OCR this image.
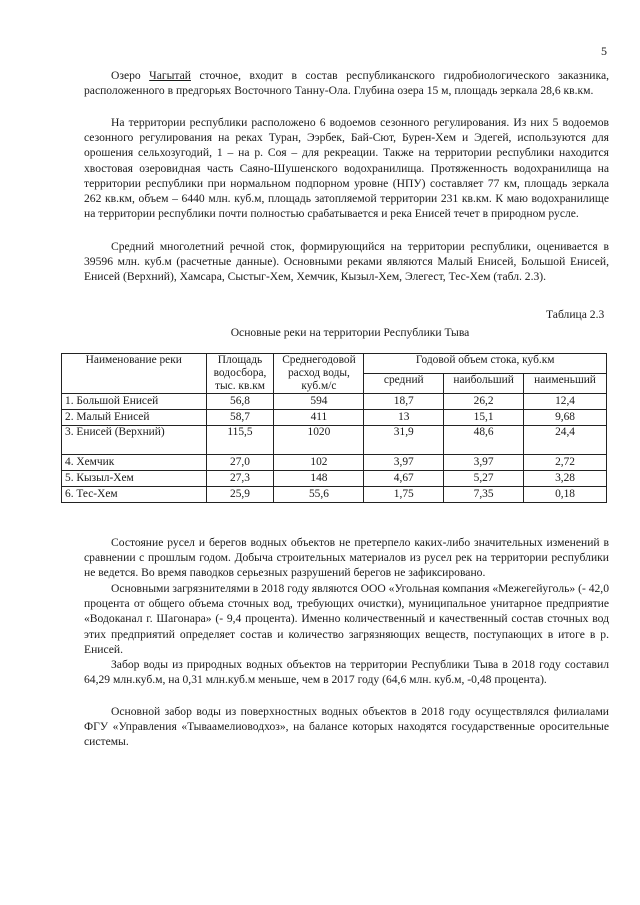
5

Озеро Чагытай сточное, входит в состав республиканского гидробиологического заказника, расположенного в предгорьях Восточного Танну-Ола. Глубина озера 15 м, площадь зеркала 28,6 кв.км.

На территории республики расположено 6 водоемов сезонного регулирования. Из них 5 водоемов сезонного регулирования на реках Туран, Ээрбек, Бай-Сют, Бурен-Хем и Эдегей, используются для орошения сельхозугодий, 1 – на р. Соя – для рекреации. Также на территории республики находится хвостовая озеровидная часть Саяно-Шушенского водохранилища. Протяженность водохранилища на территории республики при нормальном подпорном уровне (НПУ) составляет 77 км, площадь зеркала 262 кв.км, объем – 6440 млн. куб.м, площадь затопляемой территории 231 кв.км. К маю водохранилище на территории республики почти полностью срабатывается и река Енисей течет в природном русле.

Средний многолетний речной сток, формирующийся на территории республики, оценивается в 39596 млн. куб.м (расчетные данные). Основными реками являются Малый Енисей, Большой Енисей, Енисей (Верхний), Хамсара, Сыстыг-Хем, Хемчик, Кызыл-Хем, Элегест, Тес-Хем (табл. 2.3).

Таблица 2.3
Основные реки на территории Республики Тыва
Наименование реки	Площадь водосбора, тыс. кв.км	Среднегодовой расход воды, куб.м/с	Годовой объем стока, куб.км		
			средний	наибольший	наименьший
1. Большой Енисей	56,8	594	18,7	26,2	12,4
2. Малый Енисей	58,7	411	13	15,1	9,68
3. Енисей (Верхний)	115,5	1020	31,9	48,6	24,4
4. Хемчик	27,0	102	3,97	3,97	2,72
5. Кызыл-Хем	27,3	148	4,67	5,27	3,28
6. Тес-Хем	25,9	55,6	1,75	7,35	0,18

Состояние русел и берегов водных объектов не претерпело каких-либо значительных изменений в сравнении с прошлым годом. Добыча строительных материалов из русел рек на территории республики не ведется. Во время паводков серьезных разрушений берегов не зафиксировано.

Основными загрязнителями в 2018 году являются ООО «Угольная компания «Межегейуголь» (- 42,0 процента от общего объема сточных вод, требующих очистки), муниципальное унитарное предприятие «Водоканал г. Шагонара» (- 9,4 процента). Именно количественный и качественный состав сточных вод этих предприятий определяет состав и количество загрязняющих веществ, поступающих в итоге в р. Енисей.

Забор воды из природных водных объектов на территории Республики Тыва в 2018 году составил 64,29 млн.куб.м, на 0,31 млн.куб.м меньше, чем в 2017 году (64,6 млн. куб.м, -0,48 процента).

Основной забор воды из поверхностных водных объектов в 2018 году осуществлялся филиалами ФГУ «Управления «Тываамелиоводхоз», на балансе которых находятся государственные оросительные системы.
